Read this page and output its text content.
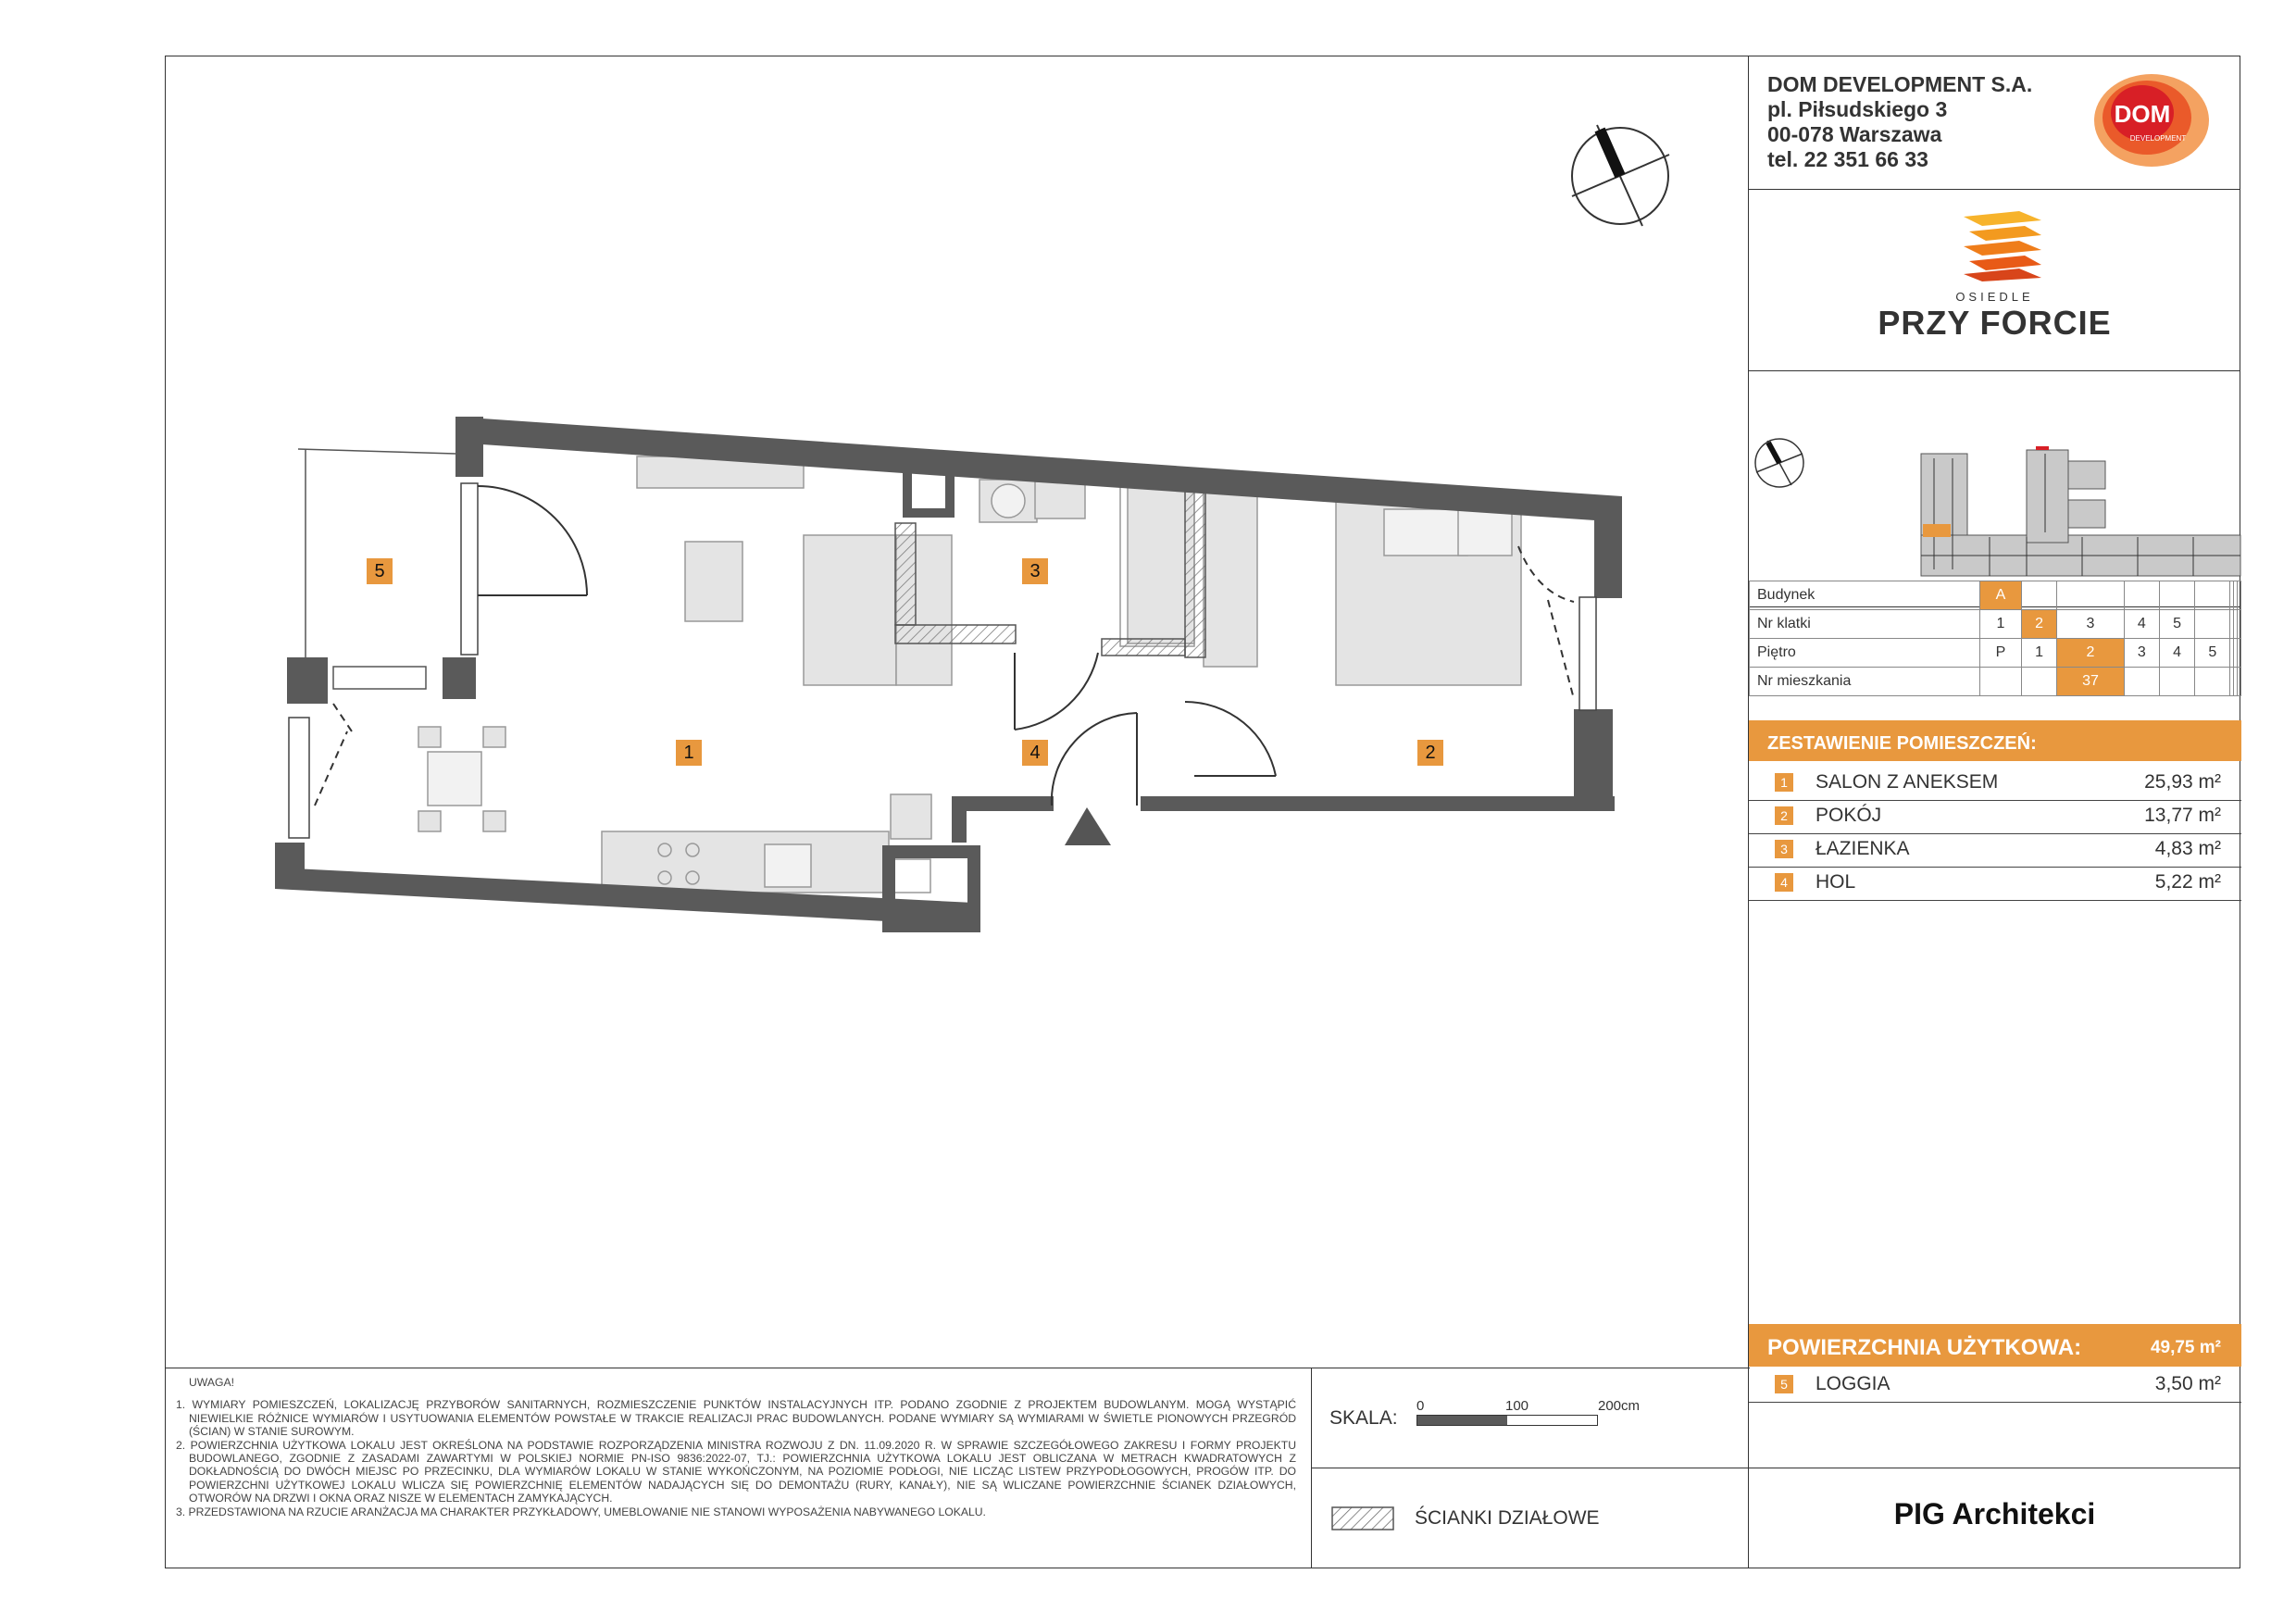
1	2
3
4
5
UWAGA!

1. WYMIARY POMIESZCZEŃ, LOKALIZACJĘ PRZYBORÓW SANITARNYCH, ROZMIESZCZENIE PUNKTÓW INSTALACYJNYCH ITP. PODANO ZGODNIE Z PROJEKTEM BUDOWLANYM. MOGĄ WYSTĄPIĆ NIEWIELKIE RÓŻNICE WYMIARÓW I USYTUOWANIA ELEMENTÓW POWSTAŁE W TRAKCIE REALIZACJI PRAC BUDOWLANYCH. PODANE WYMIARY SĄ WYMIARAMI W ŚWIETLE PIONOWYCH PRZEGRÓD (ŚCIAN) W STANIE SUROWYM.

2. POWIERZCHNIA UŻYTKOWA LOKALU JEST OKREŚLONA NA PODSTAWIE ROZPORZĄDZENIA MINISTRA ROZWOJU Z DN. 11.09.2020 R. W SPRAWIE SZCZEGÓŁOWEGO ZAKRESU I FORMY PROJEKTU BUDOWLANEGO, ZGODNIE Z ZASADAMI ZAWARTYMI W POLSKIEJ NORMIE PN-ISO 9836:2022-07, TJ.: POWIERZCHNIA UŻYTKOWA LOKALU JEST OBLICZANA W METRACH KWADRATOWYCH Z DOKŁADNOŚCIĄ DO DWÓCH MIEJSC PO PRZECINKU, DLA WYMIARÓW LOKALU W STANIE WYKOŃCZONYM, NA POZIOMIE PODŁOGI, NIE LICZĄC LISTEW PRZYPODŁOGOWYCH, PROGÓW ITP. DO POWIERZCHNI UŻYTKOWEJ LOKALU WLICZA SIĘ POWIERZCHNIĘ ELEMENTÓW NADAJĄCYCH SIĘ DO DEMONTAŻU (RURY, KANAŁY), NIE SĄ WLICZANE POWIERZCHNIE ŚCIANEK DZIAŁOWYCH, OTWORÓW NA DRZWI I OKNA ORAZ NISZE W ELEMENTACH ZAMYKAJĄCYCH.

3. PRZEDSTAWIONA NA RZUCIE ARANŻACJA MA CHARAKTER PRZYKŁADOWY, UMEBLOWANIE NIE STANOWI WYPOSAŻENIA NABYWANEGO LOKALU.

SKALA:
0	100	200cm
ŚCIANKI DZIAŁOWE
DOM DEVELOPMENT S.A.
pl. Piłsudskiego 3
00-078 Warszawa
tel. 22 351 66 33
DOM
DEVELOPMENT
OSIEDLE
PRZY FORCIE
Budynek	A								
Nr klatki	1	2	3	4	5				
Piętro	P	1	2	3	4	5			
Nr mieszkania			37						
ZESTAWIENIE POMIESZCZEŃ:
1 SALON Z ANEKSEM	25,93 m²
2 POKÓJ	13,77 m²
3 ŁAZIENKA	4,83 m²
4 HOL	5,22 m²
POWIERZCHNIA UŻYTKOWA:	49,75 m²
5 LOGGIA	3,50 m²
PIG Architekci
